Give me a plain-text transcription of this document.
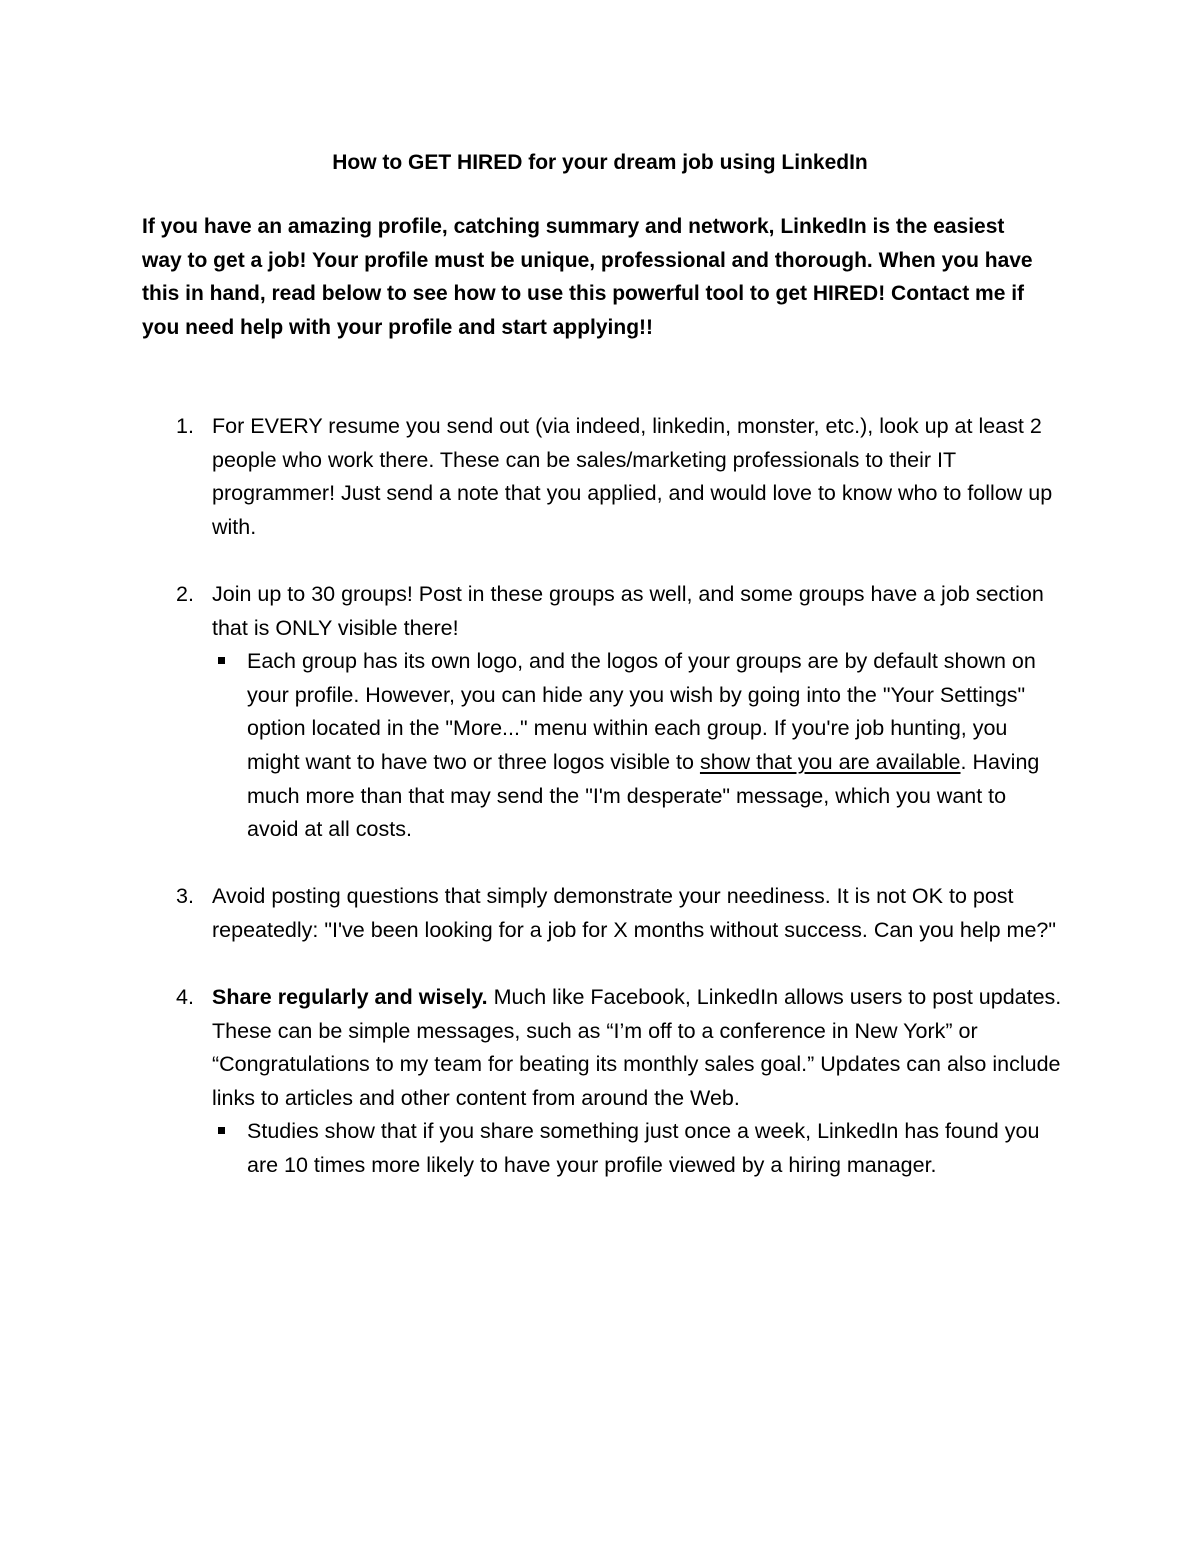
How to GET HIRED for your dream job using LinkedIn
If you have an amazing profile, catching summary and network, LinkedIn is the easiest way to get a job! Your profile must be unique, professional and thorough. When you have this in hand, read below to see how to use this powerful tool to get HIRED! Contact me if you need help with your profile and start applying!!
1. For EVERY resume you send out (via indeed, linkedin, monster, etc.), look up at least 2 people who work there. These can be sales/marketing professionals to their IT programmer! Just send a note that you applied, and would love to know who to follow up with.
2. Join up to 30 groups! Post in these groups as well, and some groups have a job section that is ONLY visible there!
Each group has its own logo, and the logos of your groups are by default shown on your profile. However, you can hide any you wish by going into the "Your Settings" option located in the "More..." menu within each group. If you're job hunting, you might want to have two or three logos visible to show that you are available. Having much more than that may send the "I'm desperate" message, which you want to avoid at all costs.
3. Avoid posting questions that simply demonstrate your neediness. It is not OK to post repeatedly: "I've been looking for a job for X months without success. Can you help me?"
4. Share regularly and wisely. Much like Facebook, LinkedIn allows users to post updates. These can be simple messages, such as “I’m off to a conference in New York” or “Congratulations to my team for beating its monthly sales goal.” Updates can also include links to articles and other content from around the Web.
Studies show that if you share something just once a week, LinkedIn has found you are 10 times more likely to have your profile viewed by a hiring manager.
